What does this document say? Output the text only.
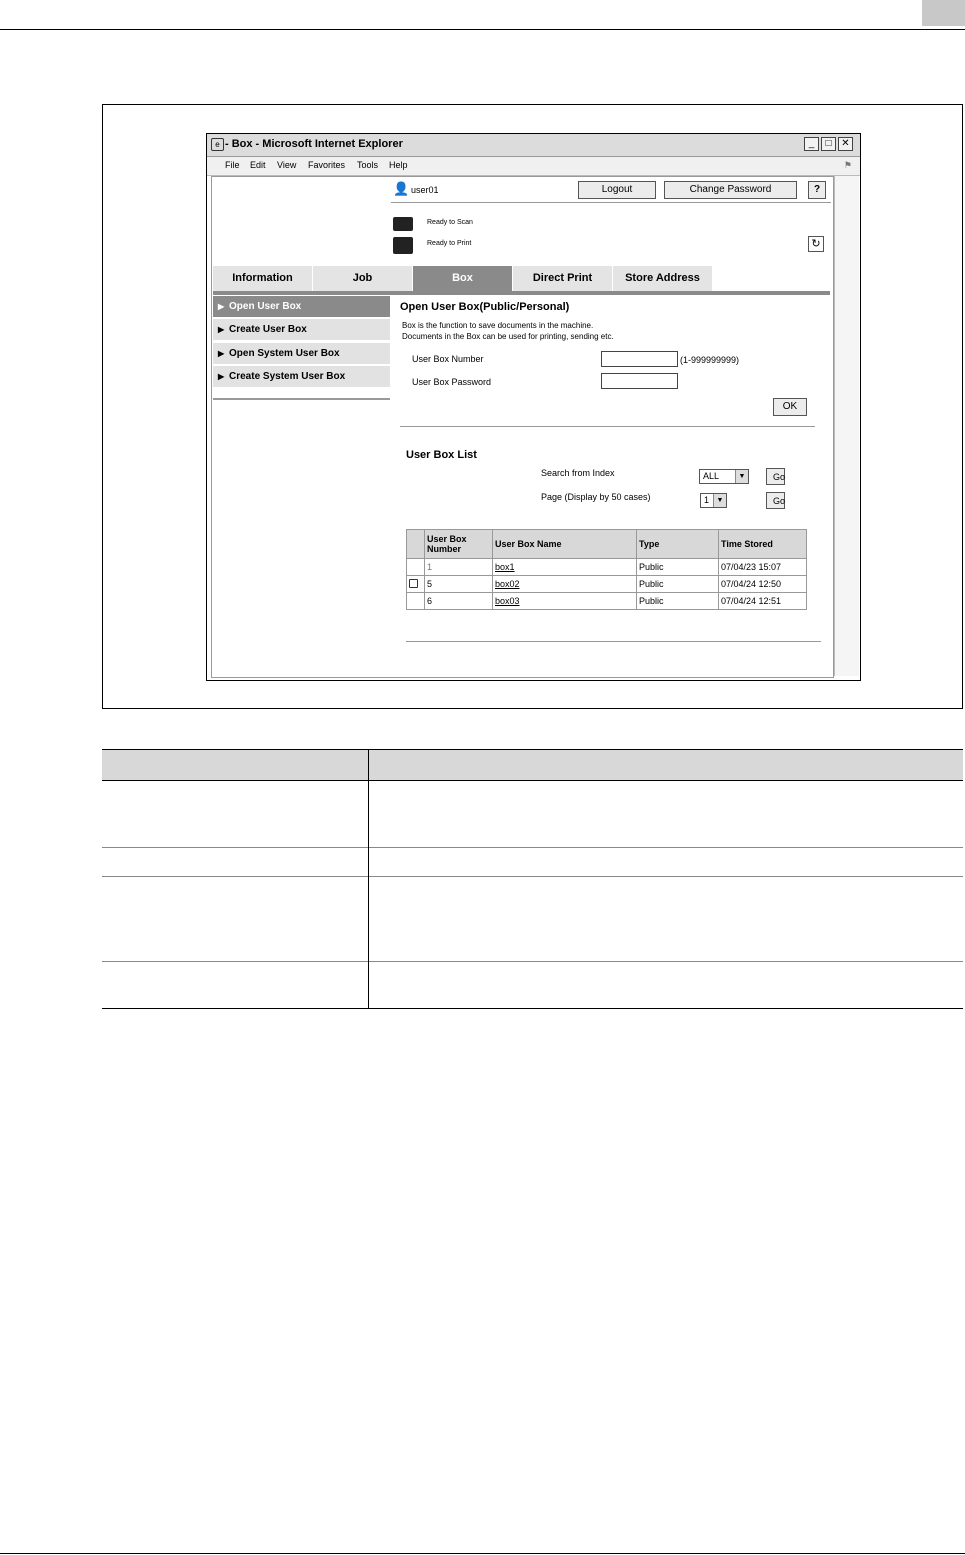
e - Box - Microsoft Internet Explorer	_	□ ✕
File Edit View Favorites Tools Help	⚑
👤 user01	Logout	Change Password	?
Ready to Scan
Ready to Print	↻
Information	Job	Box	Direct Print	Store Address
▶ Open User Box
▶ Create User Box
▶ Open System User Box
▶ Create System User Box
Open User Box(Public/Personal)
Box is the function to save documents in the machine.
Documents in the Box can be used for printing, sending etc.
User Box Number	(1-999999999)
User Box Password
OK
User Box List
Search from Index	ALL	▼	Go
Page (Display by 50 cases)	1	▼	Go
	User Box Number	User Box Name	Type	Time Stored
	1	box1	Public	07/04/23 15:07
	5	box02	Public	07/04/24 12:50
	6	box03	Public	07/04/24 12:51
